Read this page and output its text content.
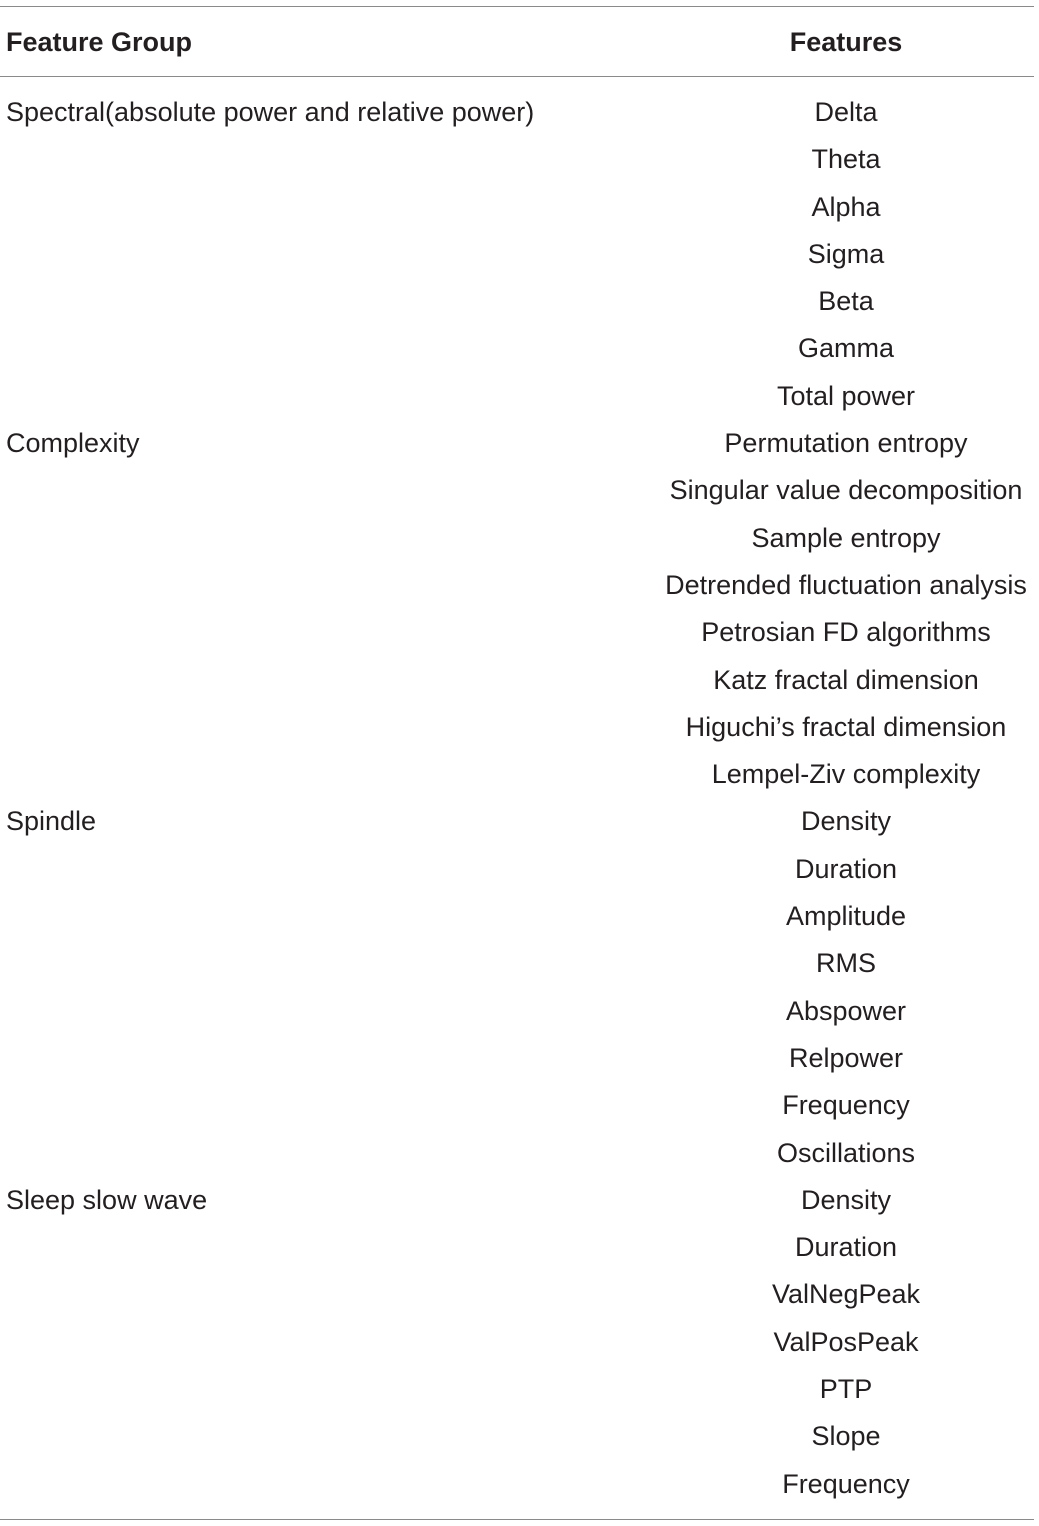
Feature Group	Features
Spectral(absolute power and relative power)	Delta
Theta
Alpha
Sigma
Beta
Gamma
Total power
Complexity	Permutation entropy
Singular value decomposition
Sample entropy
Detrended fluctuation analysis
Petrosian FD algorithms
Katz fractal dimension
Higuchi’s fractal dimension
Lempel-Ziv complexity
Spindle	Density
Duration
Amplitude
RMS
Abspower
Relpower
Frequency
Oscillations
Sleep slow wave	Density
Duration
ValNegPeak
ValPosPeak
PTP
Slope
Frequency
